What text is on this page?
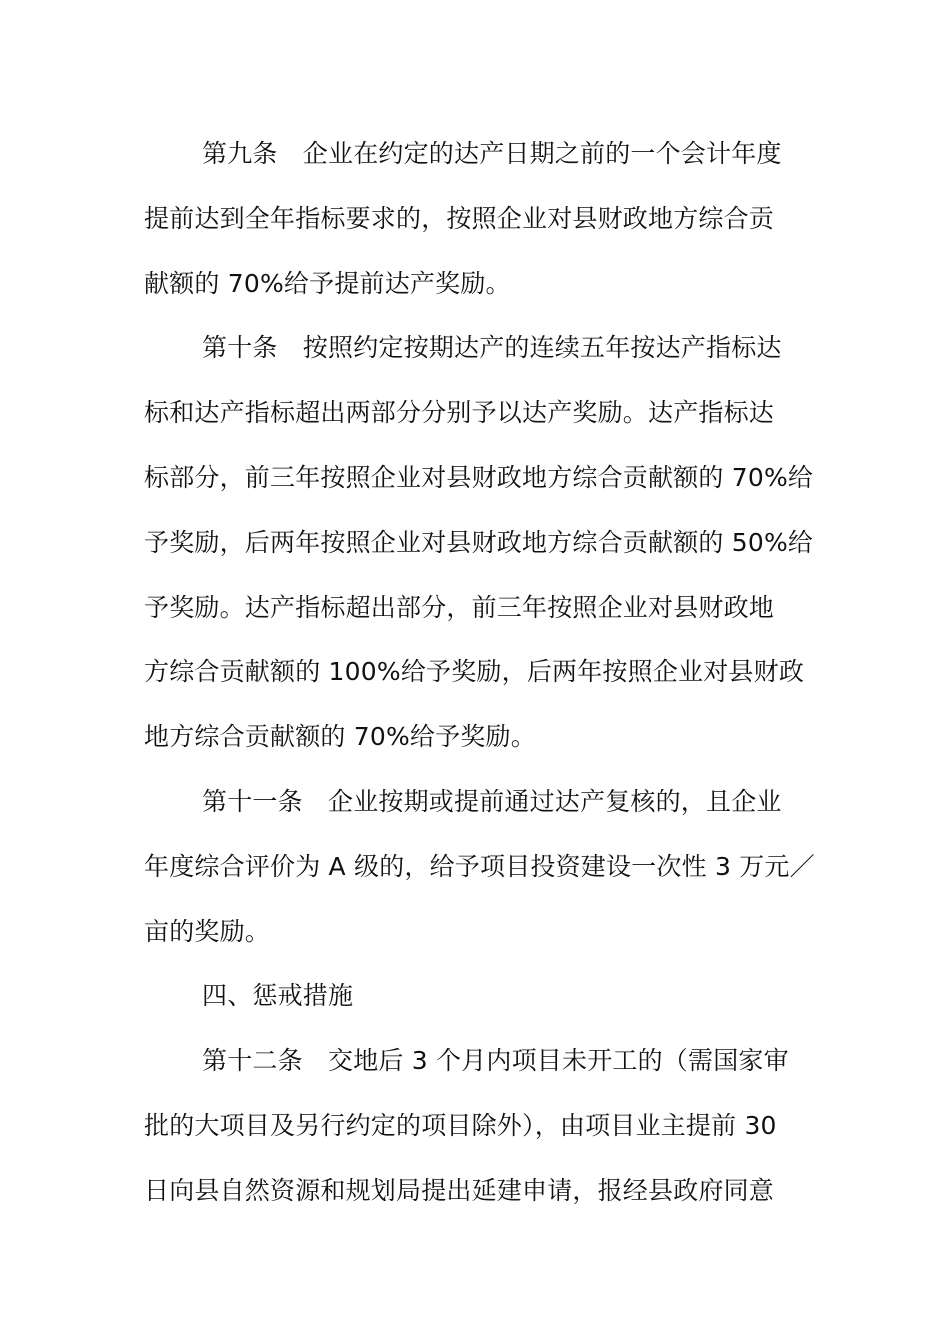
第九条　企业在约定的达产日期之前的一个会计年度
提前达到全年指标要求的，按照企业对县财政地方综合贡
献额的 70%给予提前达产奖励。
第十条　按照约定按期达产的连续五年按达产指标达
标和达产指标超出两部分分别予以达产奖励。达产指标达
标部分，前三年按照企业对县财政地方综合贡献额的 70%给
予奖励，后两年按照企业对县财政地方综合贡献额的 50%给
予奖励。达产指标超出部分，前三年按照企业对县财政地
方综合贡献额的 100%给予奖励，后两年按照企业对县财政
地方综合贡献额的 70%给予奖励。
第十一条　企业按期或提前通过达产复核的，且企业
年度综合评价为 A 级的，给予项目投资建设一次性 3 万元／
亩的奖励。
四、惩戒措施
第十二条　交地后 3 个月内项目未开工的（需国家审
批的大项目及另行约定的项目除外），由项目业主提前 30
日向县自然资源和规划局提出延建申请，报经县政府同意
